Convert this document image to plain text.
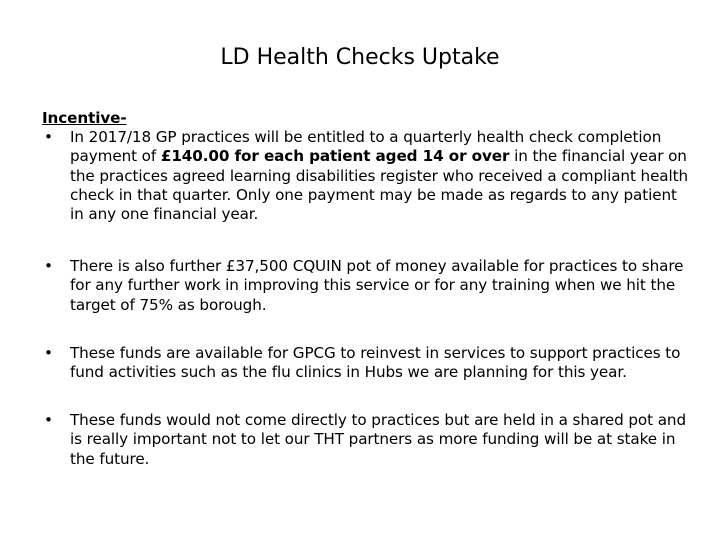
LD Health Checks Uptake
Incentive-
• In 2017/18 GP practices will be entitled to a quarterly health check completion payment of £140.00 for each patient aged 14 or over in the financial year on the practices agreed learning disabilities register who received a compliant health check in that quarter. Only one payment may be made as regards to any patient in any one financial year.
• There is also further £37,500 CQUIN pot of money available for practices to share for any further work in improving this service or for any training when we hit the target of 75% as borough.
• These funds are available for GPCG to reinvest in services to support practices to fund activities such as the flu clinics in Hubs we are planning for this year.
• These funds would not come directly to practices but are held in a shared pot and is really important not to let our THT partners as more funding will be at stake in the future.
